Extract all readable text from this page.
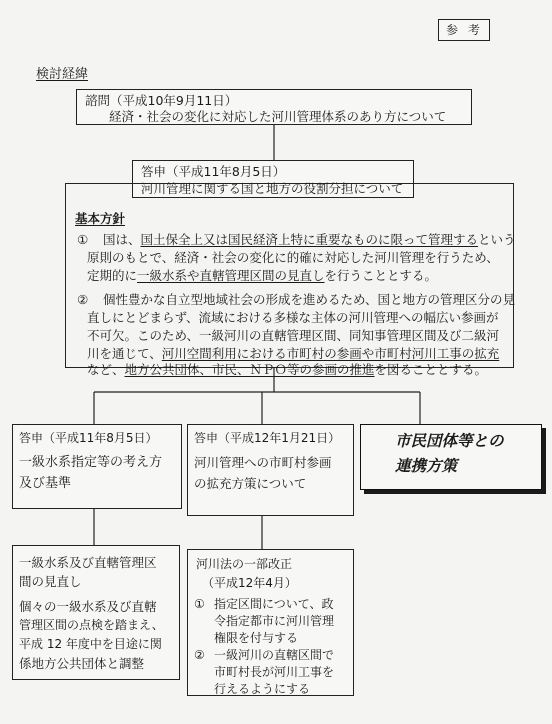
参 考
検討経緯
諮問（平成10年9月11日）
経済・社会の変化に対応した河川管理体系のあり方について
答申（平成11年8月5日）
河川管理に関する国と地方の役割分担について
基本方針
① 国は、国土保全上又は国民経済上特に重要なものに限って管理するという
原則のもとで、経済・社会の変化に的確に対応した河川管理を行うため、
定期的に一級水系や直轄管理区間の見直しを行うこととする。
② 個性豊かな自立型地域社会の形成を進めるため、国と地方の管理区分の見
直しにとどまらず、流域における多様な主体の河川管理への幅広い参画が
不可欠。このため、一級河川の直轄管理区間、同知事管理区間及び二級河
川を通じて、河川空間利用における市町村の参画や市町村河川工事の拡充
など、地方公共団体、市民、ＮＰＯ等の参画の推進を図ることとする。
答申（平成11年8月5日）
一級水系指定等の考え方
及び基準
答申（平成12年1月21日）
河川管理への市町村参画
の拡充方策について
市民団体等との
連携方策
一級水系及び直轄管理区
間の見直し
個々の一級水系及び直轄
管理区間の点検を踏まえ、
平成 12 年度中を目途に関
係地方公共団体と調整
河川法の一部改正
（平成12年4月）
① 指定区間について、政
令指定都市に河川管理
権限を付与する
② 一級河川の直轄区間で
市町村長が河川工事を
行えるようにする
